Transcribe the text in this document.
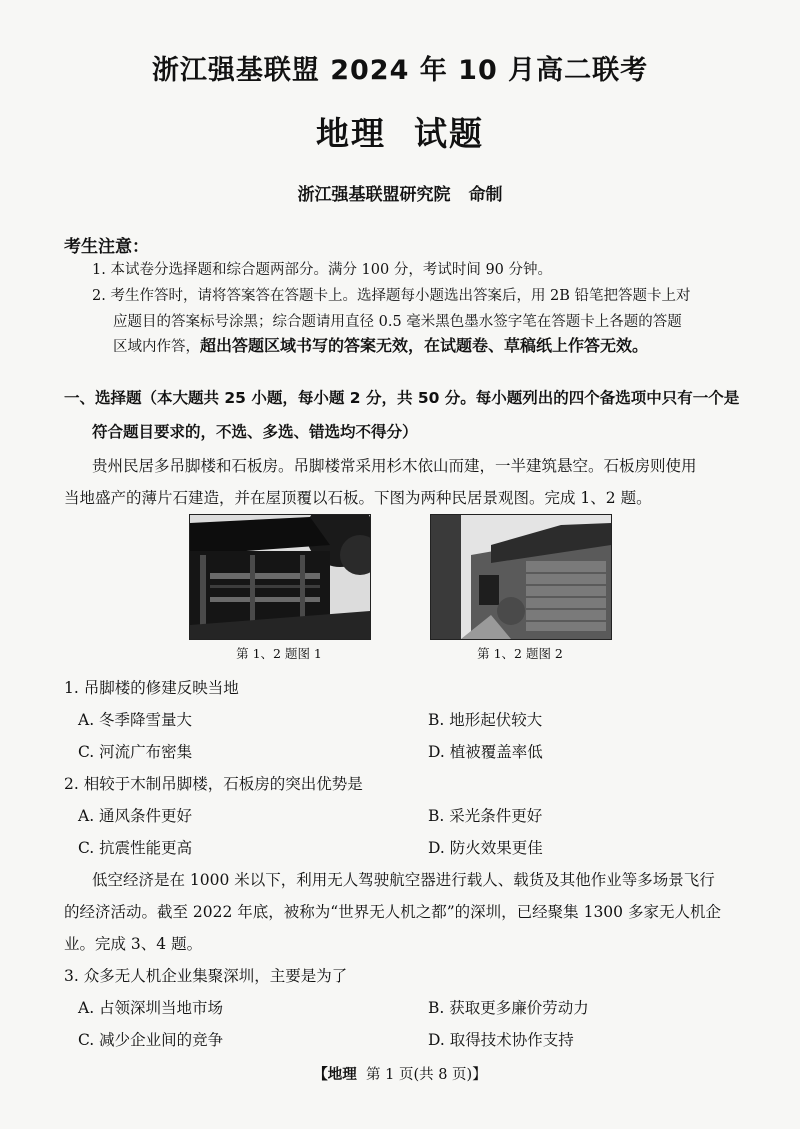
浙江强基联盟 2024 年 10 月高二联考
地理 试题
浙江强基联盟研究院 命制
考生注意：
1. 本试卷分选择题和综合题两部分。满分 100 分，考试时间 90 分钟。
2. 考生作答时，请将答案答在答题卡上。选择题每小题选出答案后，用 2B 铅笔把答题卡上对
应题目的答案标号涂黑；综合题请用直径 0.5 毫米黑色墨水签字笔在答题卡上各题的答题
区域内作答，超出答题区域书写的答案无效，在试题卷、草稿纸上作答无效。
一、选择题（本大题共 25 小题，每小题 2 分，共 50 分。每小题列出的四个备选项中只有一个是
符合题目要求的，不选、多选、错选均不得分）
贵州民居多吊脚楼和石板房。吊脚楼常采用杉木依山而建，一半建筑悬空。石板房则使用
当地盛产的薄片石建造，并在屋顶覆以石板。下图为两种民居景观图。完成 1、2 题。
第 1、2 题图 1	第 1、2 题图 2
1. 吊脚楼的修建反映当地
A. 冬季降雪量大	B. 地形起伏较大
C. 河流广布密集	D. 植被覆盖率低
2. 相较于木制吊脚楼，石板房的突出优势是
A. 通风条件更好	B. 采光条件更好
C. 抗震性能更高	D. 防火效果更佳
低空经济是在 1000 米以下，利用无人驾驶航空器进行载人、载货及其他作业等多场景飞行
的经济活动。截至 2022 年底，被称为“世界无人机之都”的深圳，已经聚集 1300 多家无人机企
业。完成 3、4 题。
3. 众多无人机企业集聚深圳，主要是为了
A. 占领深圳当地市场	B. 获取更多廉价劳动力
C. 减少企业间的竞争	D. 取得技术协作支持
【地理 第 1 页(共 8 页)】
